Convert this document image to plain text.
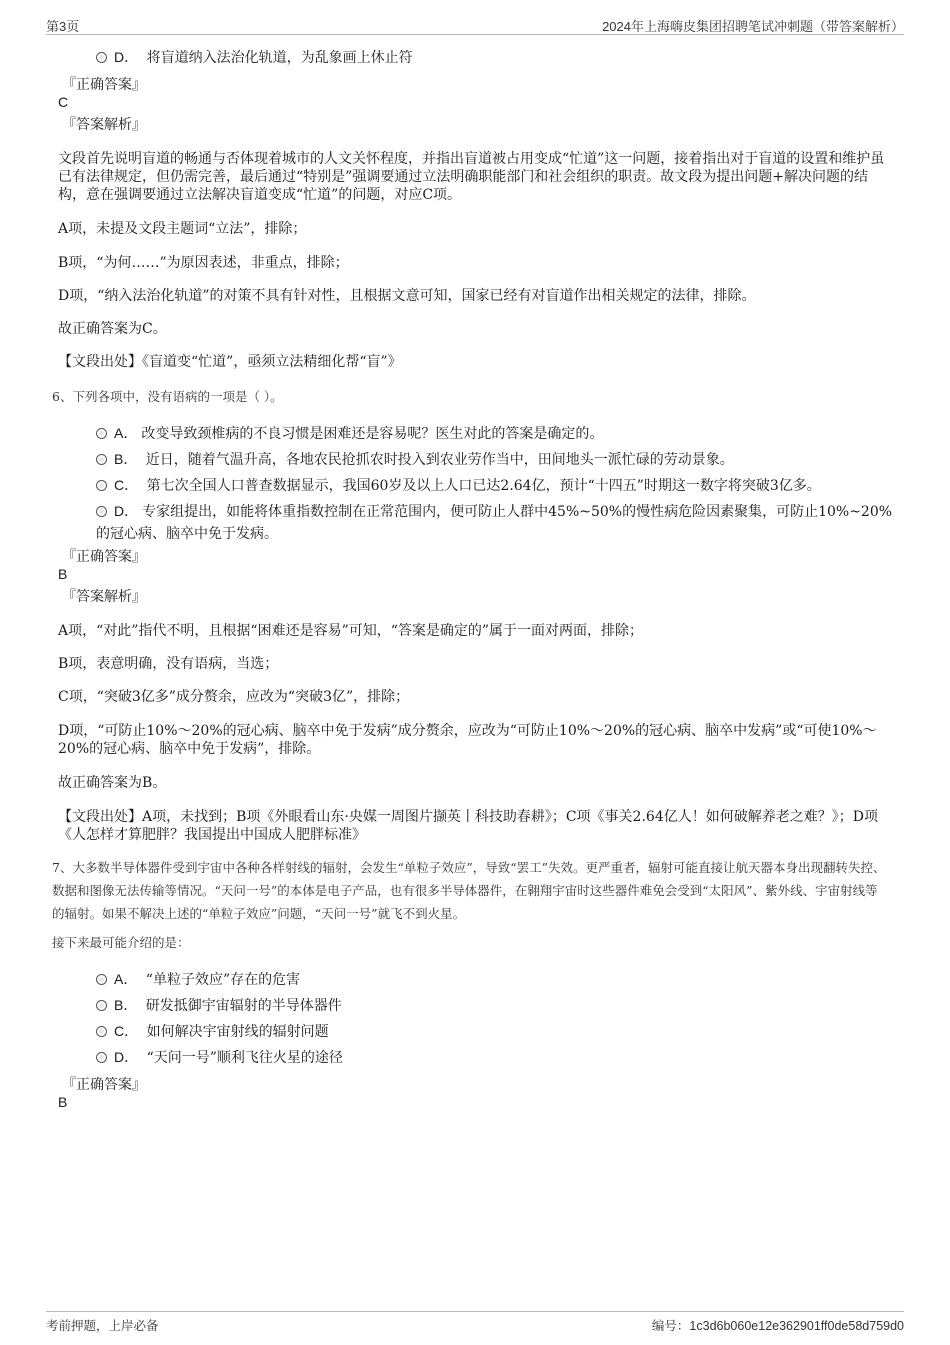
第3页	2024年上海嗨皮集团招聘笔试冲刺题（带答案解析）
D． 将盲道纳入法治化轨道，为乱象画上休止符
『正确答案』
C
『答案解析』
文段首先说明盲道的畅通与否体现着城市的人文关怀程度，并指出盲道被占用变成“忙道”这一问题，接着指出对于盲道的设置和维护虽已有法律规定，但仍需完善，最后通过“特别是”强调要通过立法明确职能部门和社会组织的职责。故文段为提出问题+解决问题的结构，意在强调要通过立法解决盲道变成“忙道”的问题，对应C项。
A项，未提及文段主题词“立法”，排除；
B项，“为何……”为原因表述，非重点，排除；
D项，“纳入法治化轨道”的对策不具有针对性，且根据文意可知，国家已经有对盲道作出相关规定的法律，排除。
故正确答案为C。
【文段出处】《盲道变“忙道”，亟须立法精细化帮“盲”》
6、下列各项中，没有语病的一项是（ ）。
A． 改变导致颈椎病的不良习惯是困难还是容易呢？医生对此的答案是确定的。
B． 近日，随着气温升高，各地农民抢抓农时投入到农业劳作当中，田间地头一派忙碌的劳动景象。
C． 第七次全国人口普查数据显示，我国60岁及以上人口已达2.64亿，预计“十四五”时期这一数字将突破3亿多。
D． 专家组提出，如能将体重指数控制在正常范围内，便可防止人群中45%~50%的慢性病危险因素聚集，可防止10%~20%的冠心病、脑卒中免于发病。
『正确答案』
B
『答案解析』
A项，“对此”指代不明，且根据“困难还是容易”可知，“答案是确定的”属于一面对两面，排除；
B项，表意明确，没有语病，当选；
C项，“突破3亿多”成分赘余，应改为“突破3亿”，排除；
D项，“可防止10%～20%的冠心病、脑卒中免于发病”成分赘余，应改为“可防止10%～20%的冠心病、脑卒中发病”或“可使10%～20%的冠心病、脑卒中免于发病”，排除。
故正确答案为B。
【文段出处】A项，未找到；B项《外眼看山东·央媒一周图片撷英丨科技助春耕》；C项《事关2.64亿人！如何破解养老之难？》；D项《人怎样才算肥胖？我国提出中国成人肥胖标准》
7、大多数半导体器件受到宇宙中各种各样射线的辐射，会发生“单粒子效应”，导致“罢工”失效。更严重者，辐射可能直接让航天器本身出现翻转失控、数据和图像无法传输等情况。“天问一号”的本体是电子产品，也有很多半导体器件，在翱翔宇宙时这些器件难免会受到“太阳风”、紫外线、宇宙射线等的辐射。如果不解决上述的“单粒子效应”问题，“天问一号”就飞不到火星。
接下来最可能介绍的是：
A． “单粒子效应”存在的危害
B． 研发抵御宇宙辐射的半导体器件
C． 如何解决宇宙射线的辐射问题
D． “天问一号”顺利飞往火星的途径
『正确答案』
B
考前押题，上岸必备	编号：1c3d6b060e12e362901ff0de58d759d0
